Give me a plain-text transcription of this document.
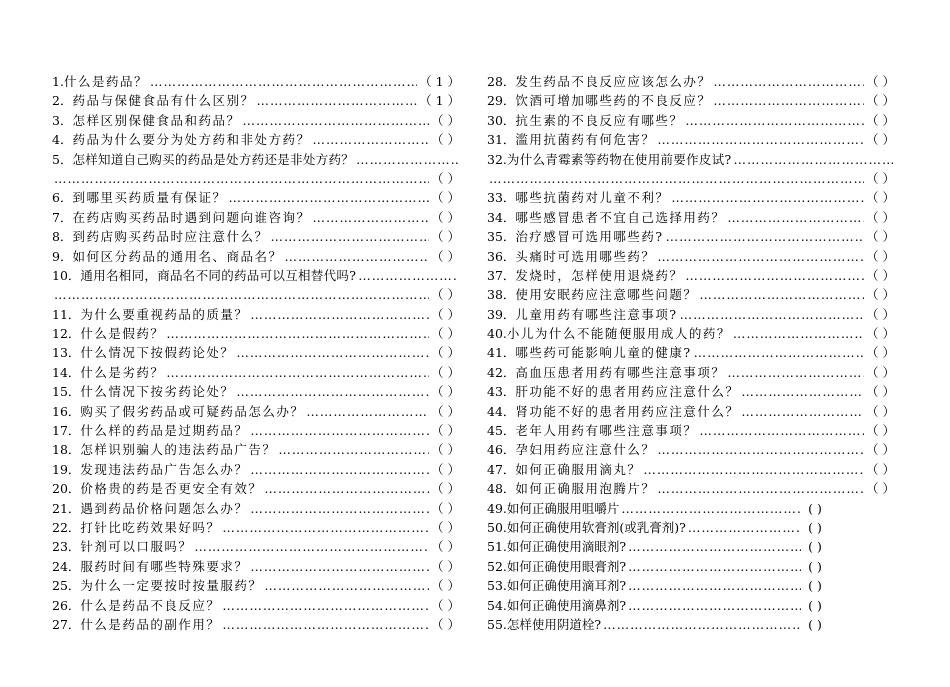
1. 什么是药品？ …………………………………………………………………………………………………………	（ 1 ）
2． 药品与保健食品有什么区别？ …………………………………………………………………………………………………………	（ 1 ）
3． 怎样区别保健食品和药品？ …………………………………………………………………………………………………………	（ ）
4． 药品为什么要分为处方药和非处方药？ …………………………………………………………………………………………………………	（ ）
5． 怎样知道自己购买的药品是处方药还是非处方药？
…………………………………………………………………………………………
…………………………………………………………………………………………………………
（ ）
6． 到哪里买药质量有保证？ …………………………………………………………………………………………………………	（ ）
7． 在药店购买药品时遇到问题向谁咨询？ …………………………………………………………………………………………………………	（ ）
8． 到药店购买药品时应注意什么？ …………………………………………………………………………………………………………	（ ）
9． 如何区分药品的通用名、商品名？ …………………………………………………………………………………………………………	（ ）
10． 通用名相同，商品名不同的药品可以互相替代吗?
…………………………………………………………………………………………
…………………………………………………………………………………………………………
（ ）
11． 为什么要重视药品的质量？ …………………………………………………………………………………………………………	（ ）
12． 什么是假药？ …………………………………………………………………………………………………………	（ ）
13． 什么情况下按假药论处？ …………………………………………………………………………………………………………	（ ）
14． 什么是劣药？ …………………………………………………………………………………………………………	（ ）
15． 什么情况下按劣药论处？ …………………………………………………………………………………………………………	（ ）
16． 购买了假劣药品或可疑药品怎么办？ …………………………………………………………………………………………………………	（ ）
17． 什么样的药品是过期药品？ …………………………………………………………………………………………………………	（ ）
18． 怎样识别骗人的违法药品广告？ …………………………………………………………………………………………………………	（ ）
19． 发现违法药品广告怎么办？ …………………………………………………………………………………………………………	（ ）
20． 价格贵的药是否更安全有效？ …………………………………………………………………………………………………………	（ ）
21． 遇到药品价格问题怎么办？ …………………………………………………………………………………………………………	（ ）
22． 打针比吃药效果好吗？ …………………………………………………………………………………………………………	（ ）
23． 针剂可以口服吗？ …………………………………………………………………………………………………………	（ ）
24． 服药时间有哪些特殊要求？ …………………………………………………………………………………………………………	（ ）
25． 为什么一定要按时按量服药？ …………………………………………………………………………………………………………	（ ）
26． 什么是药品不良反应？ …………………………………………………………………………………………………………	（ ）
27． 什么是药品的副作用？ …………………………………………………………………………………………………………	（ ）
28． 发生药品不良反应应该怎么办？ …………………………………………………………………………………………………………	（ ）
29． 饮酒可增加哪些药的不良反应？ …………………………………………………………………………………………………………	（ ）
30． 抗生素的不良反应有哪些？ …………………………………………………………………………………………………………	（ ）
31． 滥用抗菌药有何危害？ …………………………………………………………………………………………………………	（ ）
32. 为什么青霉素等药物在使用前要作皮试?
…………………………………………………………………………………………
…………………………………………………………………………………………………………
（ ）
33． 哪些抗菌药对儿童不利？ …………………………………………………………………………………………………………	（ ）
34． 哪些感冒患者不宜自己选择用药？ …………………………………………………………………………………………………………	（ ）
35． 治疗感冒可选用哪些药? …………………………………………………………………………………………………………	（ ）
36． 头痛时可选用哪些药？ …………………………………………………………………………………………………………	（ ）
37． 发烧时，怎样使用退烧药？ …………………………………………………………………………………………………………	（ ）
38． 使用安眠药应注意哪些问题？ …………………………………………………………………………………………………………	（ ）
39． 儿童用药有哪些注意事项? …………………………………………………………………………………………………………	（ ）
40. 小儿为什么不能随便服用成人的药？ …………………………………………………………………………………………………………	（ ）
41． 哪些药可能影响儿童的健康? …………………………………………………………………………………………………………	（ ）
42． 高血压患者用药有哪些注意事项？ …………………………………………………………………………………………………………	（ ）
43． 肝功能不好的患者用药应注意什么？ …………………………………………………………………………………………………………	（ ）
44． 肾功能不好的患者用药应注意什么？ …………………………………………………………………………………………………………	（ ）
45． 老年人用药有哪些注意事项？ …………………………………………………………………………………………………………	（ ）
46． 孕妇用药应注意什么？ …………………………………………………………………………………………………………	（ ）
47． 如何正确服用滴丸？ …………………………………………………………………………………………………………	（ ）
48． 如何正确服用泡腾片？ …………………………………………………………………………………………………………	（ ）
49. 如何正确服用咀嚼片 …………………………………………………………………………………………………………	( )
50. 如何正确使用软膏剂(或乳膏剂)? …………………………………………………………………………………………………………	( )
51. 如何正确使用滴眼剂? …………………………………………………………………………………………………………	( )
52. 如何正确使用眼膏剂? …………………………………………………………………………………………………………	( )
53. 如何正确使用滴耳剂? …………………………………………………………………………………………………………	( )
54. 如何正确使用滴鼻剂? …………………………………………………………………………………………………………	( )
55. 怎样使用阴道栓? …………………………………………………………………………………………………………	( )
